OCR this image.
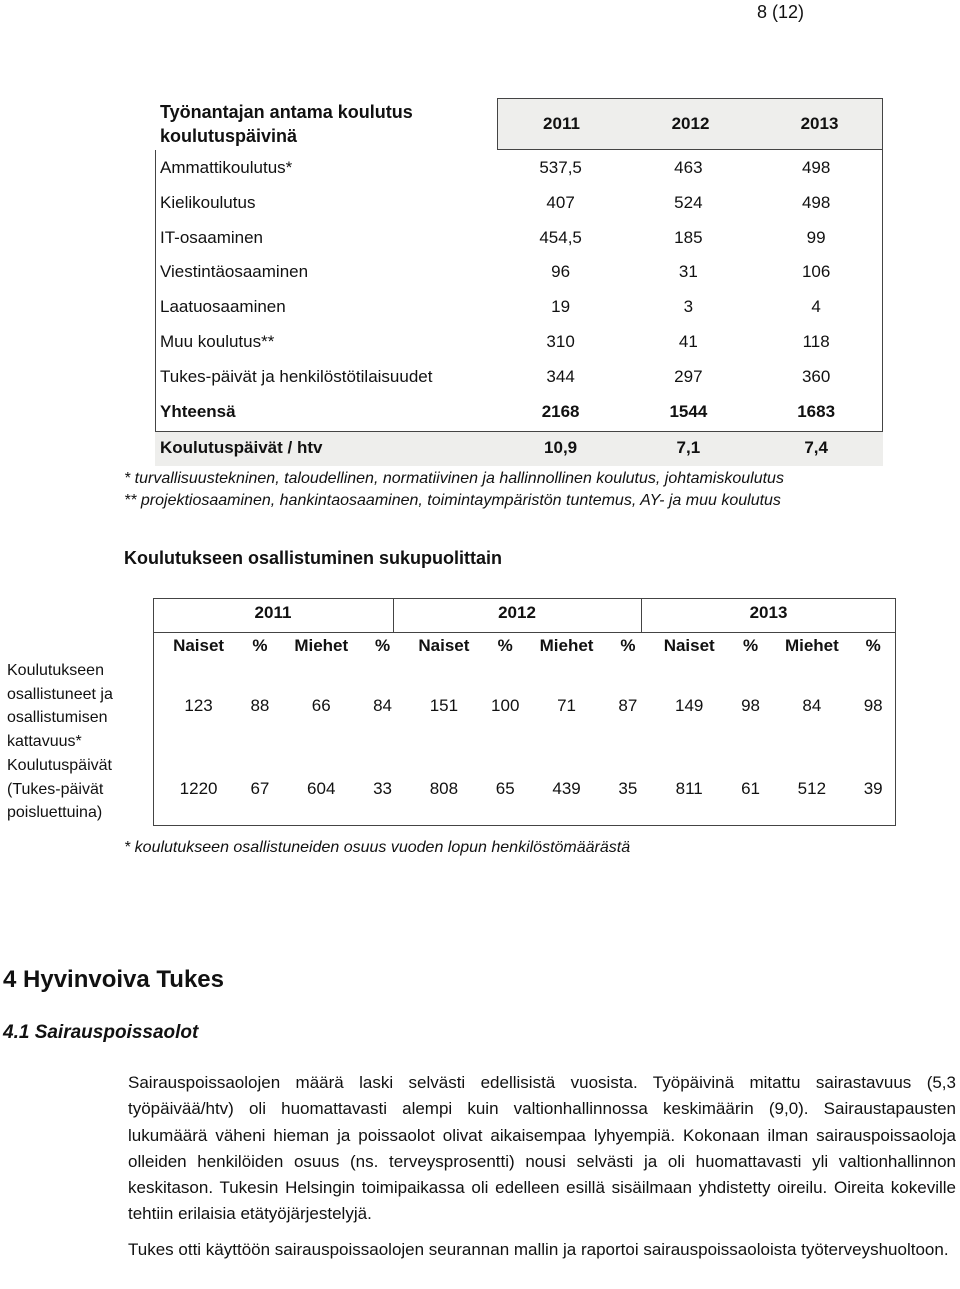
8 (12)
Työnantajan antama koulutus koulutuspäivinä
2011	2012	2013
Ammattikoulutus*	537,5	463	498
Kielikoulutus	407	524	498
IT-osaaminen	454,5	185	99
Viestintäosaaminen	96	31	106
Laatuosaaminen	19	3	4
Muu koulutus**	310	41	118
Tukes-päivät ja henkilöstötilaisuudet	344	297	360
Yhteensä	2168	1544	1683
Koulutuspäivät / htv	10,9	7,1	7,4
* turvallisuustekninen, taloudellinen, normatiivinen ja hallinnollinen koulutus, johtamiskoulutus
** projektiosaaminen, hankintaosaaminen, toimintaympäristön tuntemus, AY- ja muu koulutus
Koulutukseen osallistuminen sukupuolittain
2011	2012	2013
Naiset	%	Miehet	%	Naiset	%	Miehet	%	Naiset	%	Miehet	%
Koulutukseen osallistuneet ja osallistumisen kattavuus*
123	88	66	84	151	100	71	87	149	98	84	98
Koulutuspäivät (Tukes-päivät poisluettuina)
1220	67	604	33	808	65	439	35	811	61	512	39
* koulutukseen osallistuneiden osuus vuoden lopun henkilöstömäärästä
4 Hyvinvoiva Tukes
4.1 Sairauspoissaolot
Sairauspoissaolojen määrä laski selvästi edellisistä vuosista. Työpäivinä mitattu sairastavuus (5,3 työpäivää/htv) oli huomattavasti alempi kuin valtionhallinnossa keskimäärin (9,0). Sairaustapausten lukumäärä väheni hieman ja poissaolot olivat aikaisempaa lyhyempiä. Kokonaan ilman sairauspoissaoloja olleiden henkilöiden osuus (ns. terveysprosentti) nousi selvästi ja oli huomattavasti yli valtionhallinnon keskitason. Tukesin Helsingin toimipaikassa oli edelleen esillä sisäilmaan yhdistetty oireilu. Oireita kokeville tehtiin erilaisia etätyöjärjestelyjä.
Tukes otti käyttöön sairauspoissaolojen seurannan mallin ja raportoi sairauspoissaoloista työterveyshuoltoon.
